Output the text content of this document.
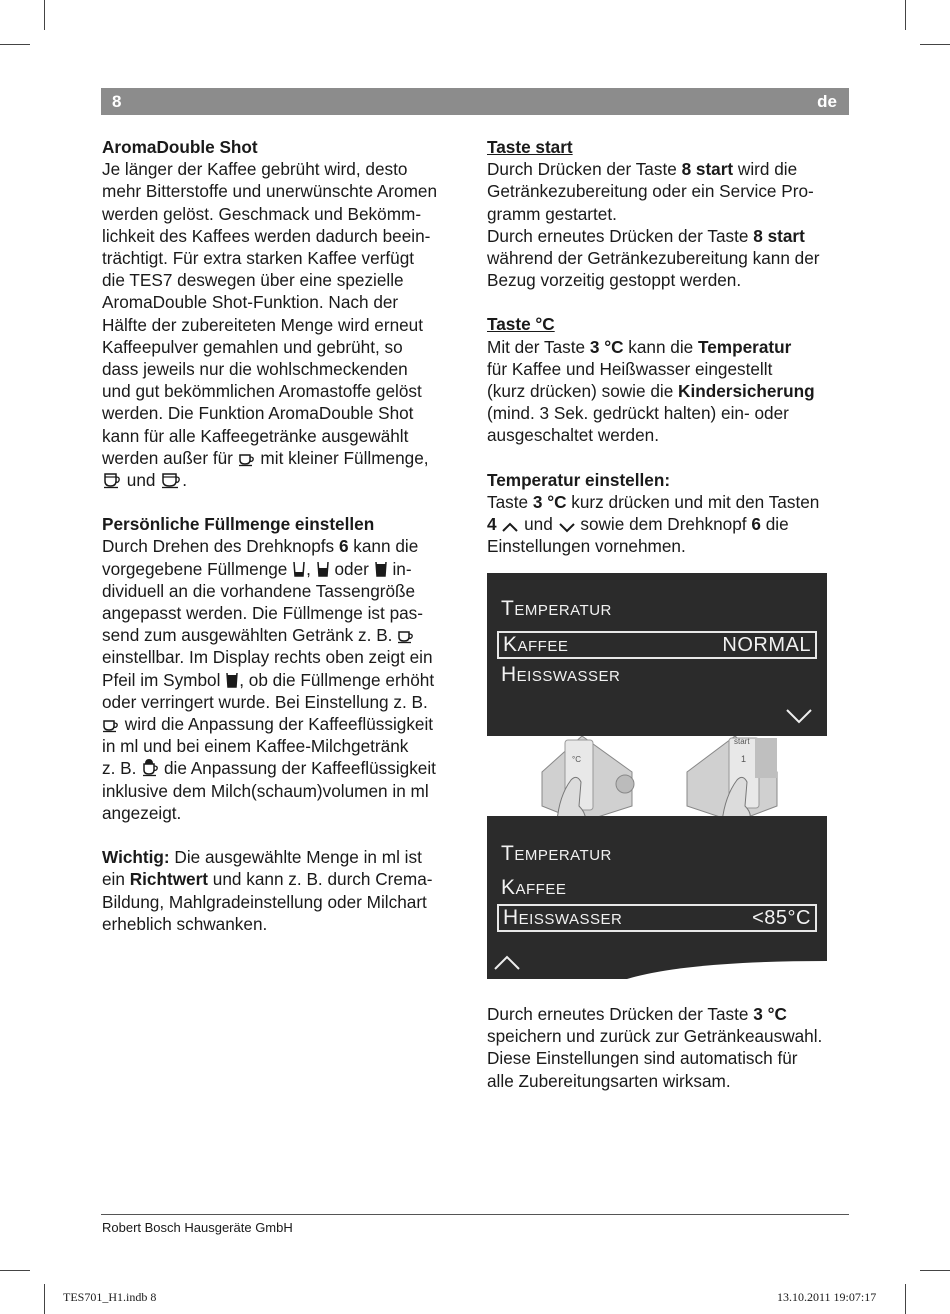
8	de

AromaDouble Shot

Je länger der Kaffee gebrüht wird, desto

mehr Bitterstoffe und unerwünschte Aromen

werden gelöst. Geschmack und Bekömm-

lichkeit des Kaffees werden dadurch beein-

trächtigt. Für extra starken Kaffee verfügt

die TES7 deswegen über eine spezielle

AromaDouble Shot-Funktion. Nach der

Hälfte der zubereiteten Menge wird erneut

Kaffeepulver gemahlen und gebrüht, so

dass jeweils nur die wohlschmeckenden

und gut bekömmlichen Aromastoffe gelöst

werden. Die Funktion AromaDouble Shot

kann für alle Kaffeegetränke ausgewählt

werden außer für  mit kleiner Füllmenge,

und .

Persönliche Füllmenge einstellen

Durch Drehen des Drehknopfs 6 kann die

vorgegebene Füllmenge ,  oder  in-

dividuell an die vorhandene Tassengröße

angepasst werden. Die Füllmenge ist pas-

send zum ausgewählten Getränk z. B.

einstellbar. Im Display rechts oben zeigt ein

Pfeil im Symbol , ob die Füllmenge erhöht

oder verringert wurde. Bei Einstellung z. B.

wird die Anpassung der Kaffeeflüssigkeit

in ml und bei einem Kaffee-Milchgetränk

z. B.  die Anpassung der Kaffeeflüssigkeit

inklusive dem Milch(schaum)volumen in ml

angezeigt.

Wichtig: Die ausgewählte Menge in ml ist

ein Richtwert und kann z. B. durch Crema-

Bildung, Mahlgradeinstellung oder Milchart

erheblich schwanken.

Taste start

Durch Drücken der Taste 8 start wird die

Getränkezubereitung oder ein Service Pro-

gramm gestartet.

Durch erneutes Drücken der Taste 8 start

während der Getränkezubereitung kann der

Bezug vorzeitig gestoppt werden.

Taste °C

Mit der Taste 3 °C kann die Temperatur

für Kaffee und Heißwasser eingestellt

(kurz drücken) sowie die Kindersicherung

(mind. 3 Sek. gedrückt halten) ein- oder

ausgeschaltet werden.

Temperatur einstellen:

Taste 3 °C kurz drücken und mit den Tasten

4  und  sowie dem Drehknopf 6 die

Einstellungen vornehmen.

Temperatur
Kaffee	NORMAL
Heisswasser
°C
start
1
Temperatur
Kaffee
Heisswasser	<85°C

Durch erneutes Drücken der Taste 3 °C

speichern und zurück zur Getränkeauswahl.

Diese Einstellungen sind automatisch für

alle Zubereitungsarten wirksam.

Robert Bosch Hausgeräte GmbH
TES701_H1.indb 8	13.10.2011 19:07:17
